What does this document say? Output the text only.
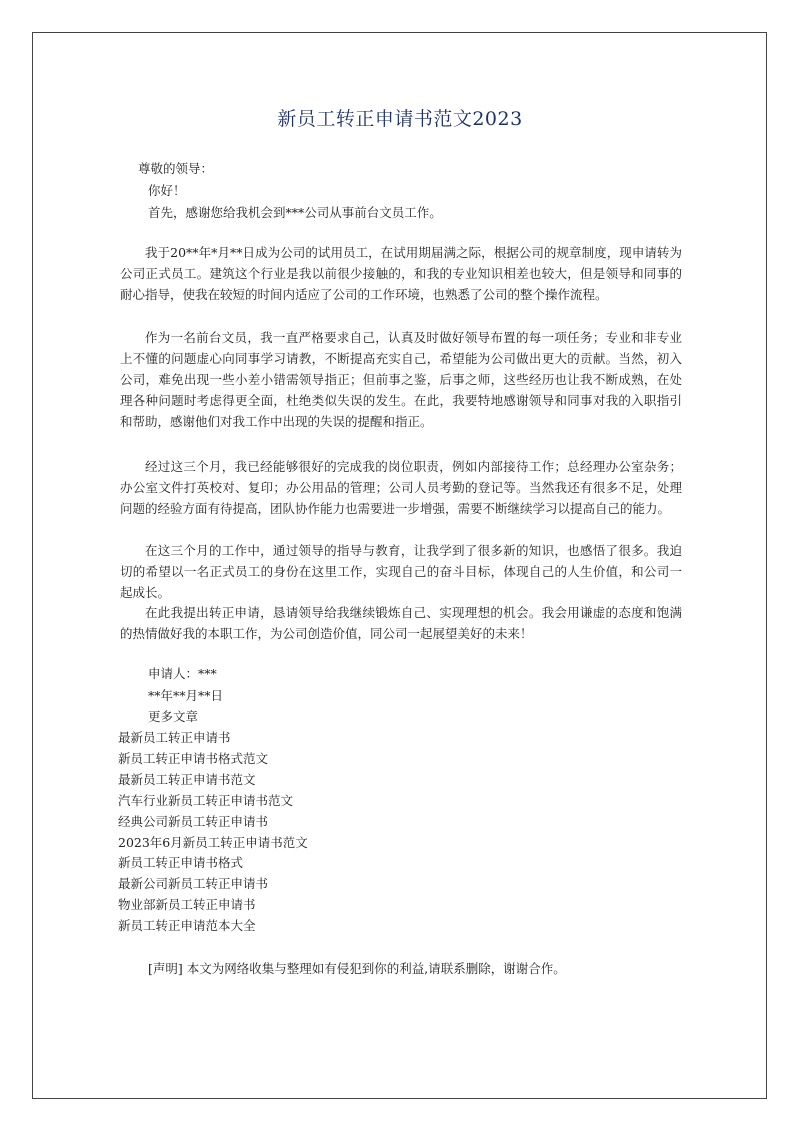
新员工转正申请书范文2023
尊敬的领导：
你好！
首先，感谢您给我机会到***公司从事前台文员工作。
我于20**年*月**日成为公司的试用员工，在试用期届满之际，根据公司的规章制度，现申请转为公司正式员工。建筑这个行业是我以前很少接触的，和我的专业知识相差也较大，但是领导和同事的耐心指导，使我在较短的时间内适应了公司的工作环境，也熟悉了公司的整个操作流程。
作为一名前台文员，我一直严格要求自己，认真及时做好领导布置的每一项任务；专业和非专业上不懂的问题虚心向同事学习请教，不断提高充实自己，希望能为公司做出更大的贡献。当然，初入公司，难免出现一些小差小错需领导指正；但前事之鉴，后事之师，这些经历也让我不断成熟，在处理各种问题时考虑得更全面，杜绝类似失误的发生。在此，我要特地感谢领导和同事对我的入职指引和帮助，感谢他们对我工作中出现的失误的提醒和指正。
经过这三个月，我已经能够很好的完成我的岗位职责，例如内部接待工作；总经理办公室杂务；办公室文件打英校对、复印；办公用品的管理；公司人员考勤的登记等。当然我还有很多不足，处理问题的经验方面有待提高，团队协作能力也需要进一步增强，需要不断继续学习以提高自己的能力。
在这三个月的工作中，通过领导的指导与教育，让我学到了很多新的知识，也感悟了很多。我迫切的希望以一名正式员工的身份在这里工作，实现自己的奋斗目标，体现自己的人生价值，和公司一起成长。
在此我提出转正申请，恳请领导给我继续锻炼自己、实现理想的机会。我会用谦虚的态度和饱满的热情做好我的本职工作，为公司创造价值，同公司一起展望美好的未来！
申请人：***
**年**月**日
更多文章
最新员工转正申请书
新员工转正申请书格式范文
最新员工转正申请书范文
汽车行业新员工转正申请书范文
经典公司新员工转正申请书
2023年6月新员工转正申请书范文
新员工转正申请书格式
最新公司新员工转正申请书
物业部新员工转正申请书
新员工转正申请范本大全
[声明] 本文为网络收集与整理如有侵犯到你的利益,请联系删除，谢谢合作。
